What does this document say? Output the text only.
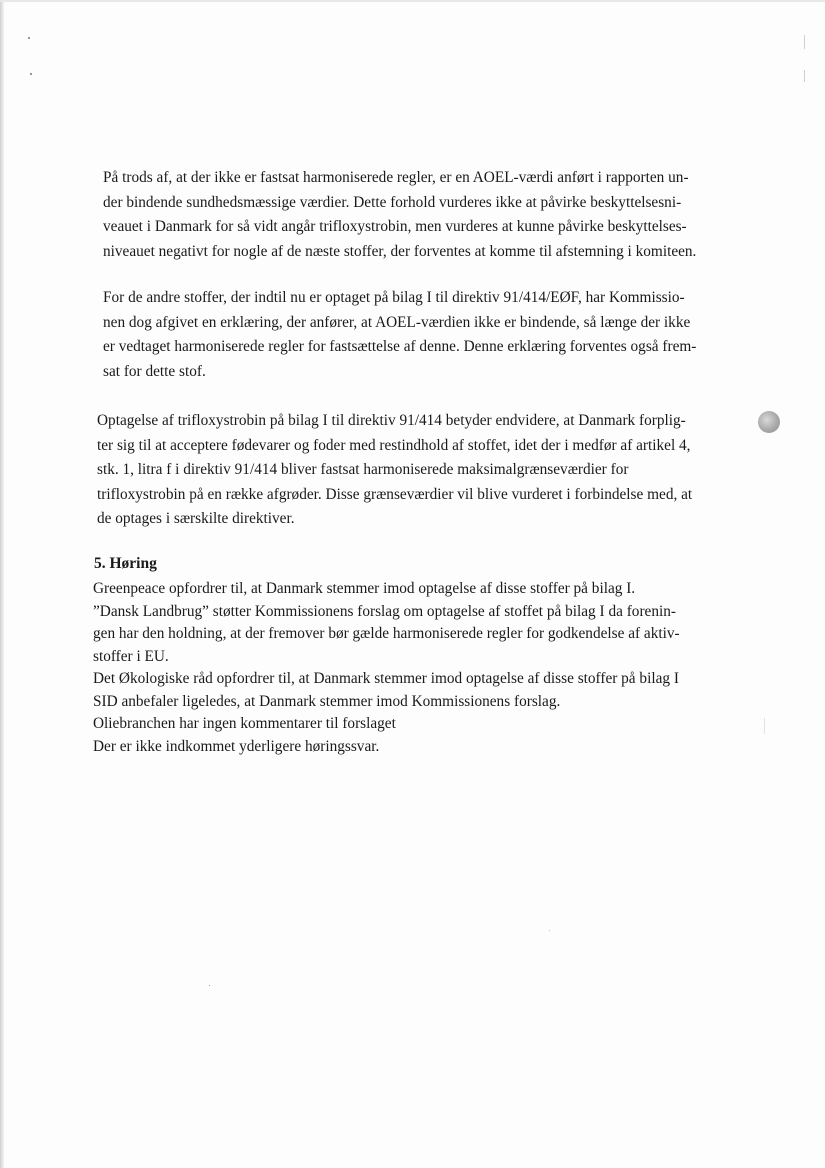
På trods af, at der ikke er fastsat harmoniserede regler, er en AOEL-værdi anført i rapporten un-
der bindende sundhedsmæssige værdier. Dette forhold vurderes ikke at påvirke beskyttelsesni-
veauet i Danmark for så vidt angår trifloxystrobin, men vurderes at kunne påvirke beskyttelses-
niveauet negativt for nogle af de næste stoffer, der forventes at komme til afstemning i komiteen.

For de andre stoffer, der indtil nu er optaget på bilag I til direktiv 91/414/EØF, har Kommissio-
nen dog afgivet en erklæring, der anfører, at AOEL-værdien ikke er bindende, så længe der ikke
er vedtaget harmoniserede regler for fastsættelse af denne. Denne erklæring forventes også frem-
sat for dette stof.

Optagelse af trifloxystrobin på bilag I til direktiv 91/414 betyder endvidere, at Danmark forplig-
ter sig til at acceptere fødevarer og foder med restindhold af stoffet, idet der i medfør af artikel 4,
stk. 1, litra f i direktiv 91/414 bliver fastsat harmoniserede maksimalgrænseværdier for
trifloxystrobin på en række afgrøder. Disse grænseværdier vil blive vurderet i forbindelse med, at
de optages i særskilte direktiver.

5. Høring
Greenpeace opfordrer til, at Danmark stemmer imod optagelse af disse stoffer på bilag I.
”Dansk Landbrug” støtter Kommissionens forslag om optagelse af stoffet på bilag I da forenin-
gen har den holdning, at der fremover bør gælde harmoniserede regler for godkendelse af aktiv-
stoffer i EU.
Det Økologiske råd opfordrer til, at Danmark stemmer imod optagelse af disse stoffer på bilag I
SID anbefaler ligeledes, at Danmark stemmer imod Kommissionens forslag.
Oliebranchen har ingen kommentarer til forslaget
Der er ikke indkommet yderligere høringssvar.
